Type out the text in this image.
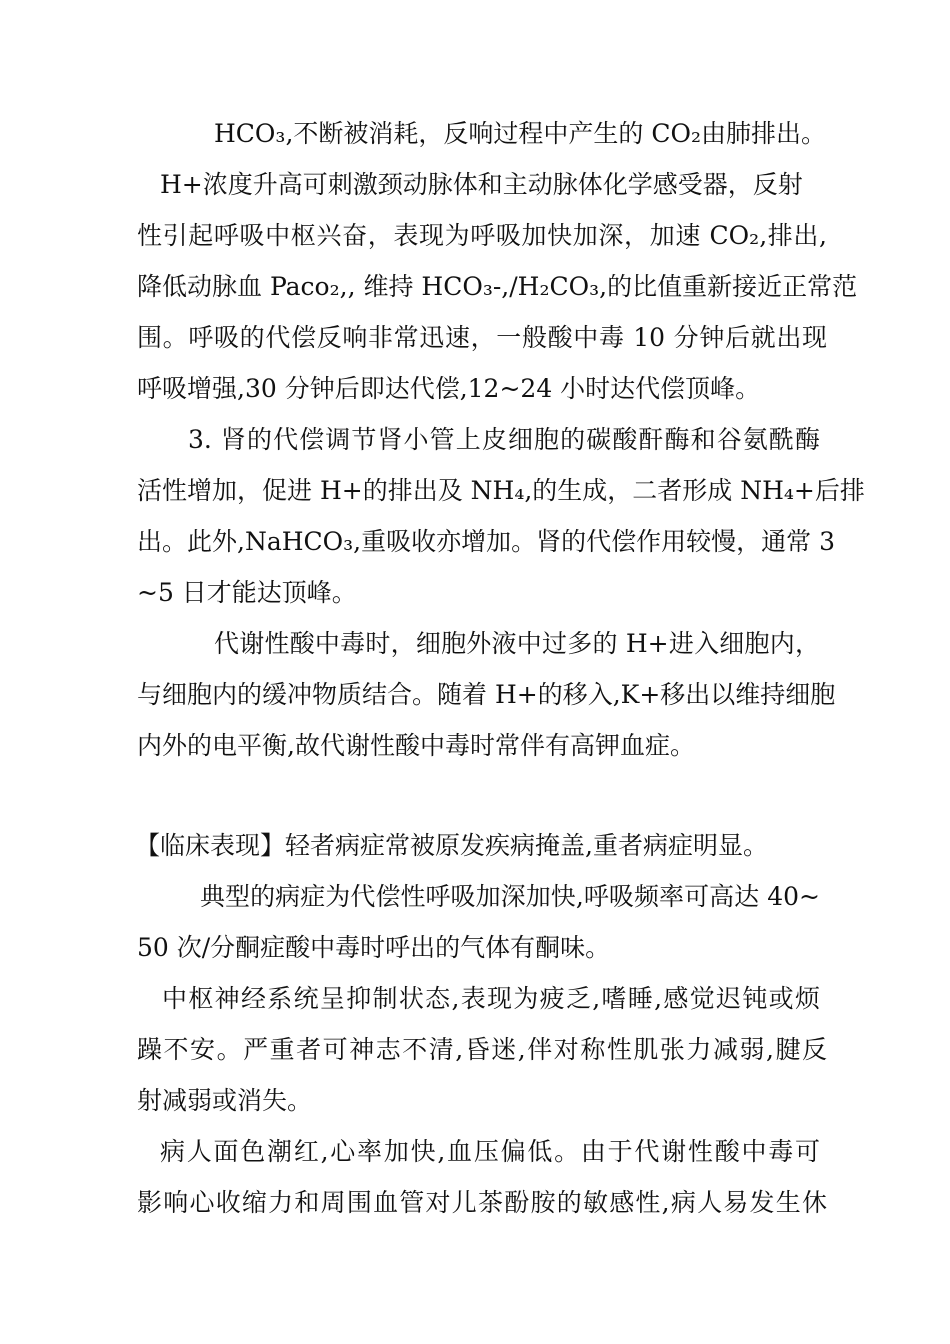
HCO₃,不断被消耗，反响过程中产生的 CO₂由肺排出。
H+浓度升高可刺激颈动脉体和主动脉体化学感受器，反射
性引起呼吸中枢兴奋，表现为呼吸加快加深，加速 CO₂,排出,
降低动脉血 Paco₂,, 维持 HCO₃-,/H₂CO₃,的比值重新接近正常范
围。呼吸的代偿反响非常迅速，一般酸中毒 10 分钟后就出现
呼吸增强,30 分钟后即达代偿,12~24 小时达代偿顶峰。
3. 肾的代偿调节肾小管上皮细胞的碳酸酐酶和谷氨酰酶
活性增加，促进 H+的排出及 NH₄,的生成，二者形成 NH₄+后排
出。此外,NaHCO₃,重吸收亦增加。肾的代偿作用较慢，通常 3
~5 日才能达顶峰。
代谢性酸中毒时，细胞外液中过多的 H+进入细胞内，
与细胞内的缓冲物质结合。随着 H+的移入,K+移出以维持细胞
内外的电平衡,故代谢性酸中毒时常伴有高钾血症。
【临床表现】轻者病症常被原发疾病掩盖,重者病症明显。
典型的病症为代偿性呼吸加深加快,呼吸频率可高达 40~
50 次/分酮症酸中毒时呼出的气体有酮味。
中枢神经系统呈抑制状态,表现为疲乏,嗜睡,感觉迟钝或烦
躁不安。严重者可神志不清,昏迷,伴对称性肌张力减弱,腱反
射减弱或消失。
病人面色潮红,心率加快,血压偏低。由于代谢性酸中毒可
影响心收缩力和周围血管对儿茶酚胺的敏感性,病人易发生休
